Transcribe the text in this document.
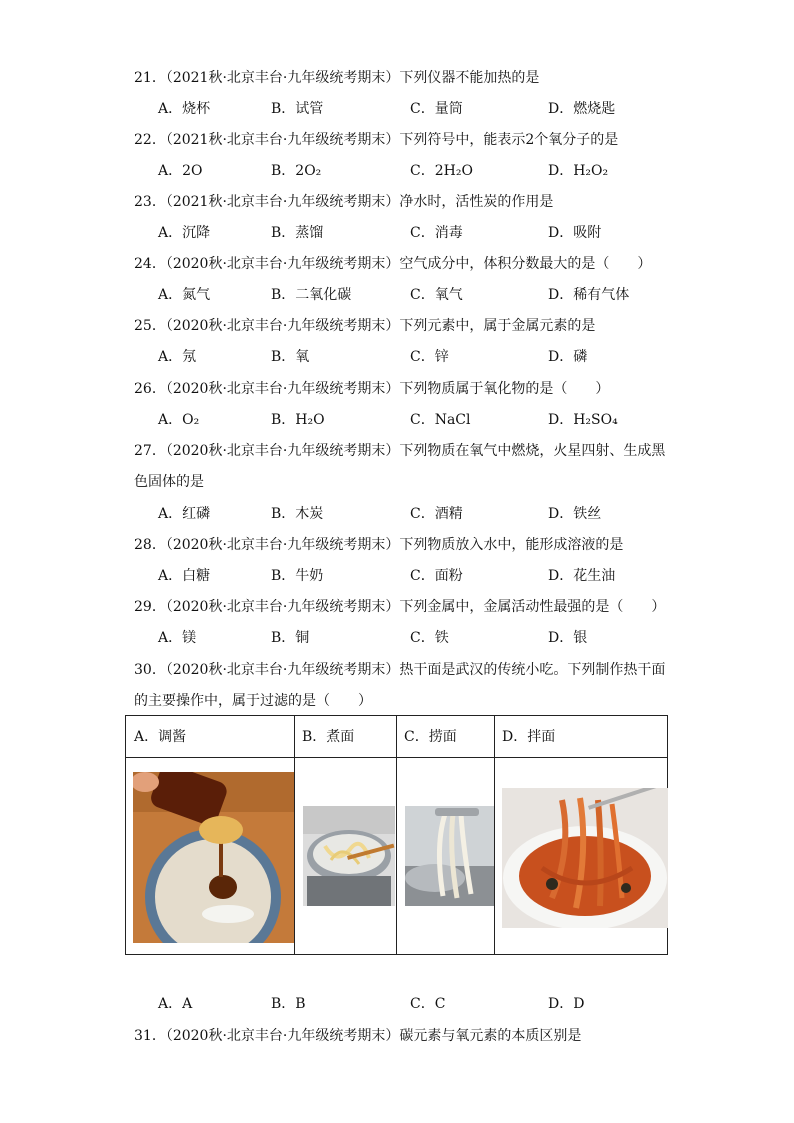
21．（2021秋·北京丰台·九年级统考期末）下列仪器不能加热的是
A．烧杯	B．试管	C．量筒	D．燃烧匙
22．（2021秋·北京丰台·九年级统考期末）下列符号中，能表示2个氧分子的是
A．2O	B．2O₂	C．2H₂O	D．H₂O₂
23．（2021秋·北京丰台·九年级统考期末）净水时，活性炭的作用是
A．沉降	B．蒸馏	C．消毒	D．吸附
24．（2020秋·北京丰台·九年级统考期末）空气成分中，体积分数最大的是（　　）
A．氮气	B．二氧化碳	C．氧气	D．稀有气体
25．（2020秋·北京丰台·九年级统考期末）下列元素中，属于金属元素的是
A．氖	B．氧	C．锌	D．磷
26．（2020秋·北京丰台·九年级统考期末）下列物质属于氧化物的是（　　）
A．O₂	B．H₂O	C．NaCl	D．H₂SO₄
27．（2020秋·北京丰台·九年级统考期末）下列物质在氧气中燃烧，火星四射、生成黑
色固体的是
A．红磷	B．木炭	C．酒精	D．铁丝
28．（2020秋·北京丰台·九年级统考期末）下列物质放入水中，能形成溶液的是
A．白糖	B．牛奶	C．面粉	D．花生油
29．（2020秋·北京丰台·九年级统考期末）下列金属中，金属活动性最强的是（　　）
A．镁	B．铜	C．铁	D．银
30．（2020秋·北京丰台·九年级统考期末）热干面是武汉的传统小吃。下列制作热干面
的主要操作中，属于过滤的是（　　）
A．调酱	B．煮面	C．捞面	D．拌面
A．A	B．B	C．C	D．D
31．（2020秋·北京丰台·九年级统考期末）碳元素与氧元素的本质区别是
